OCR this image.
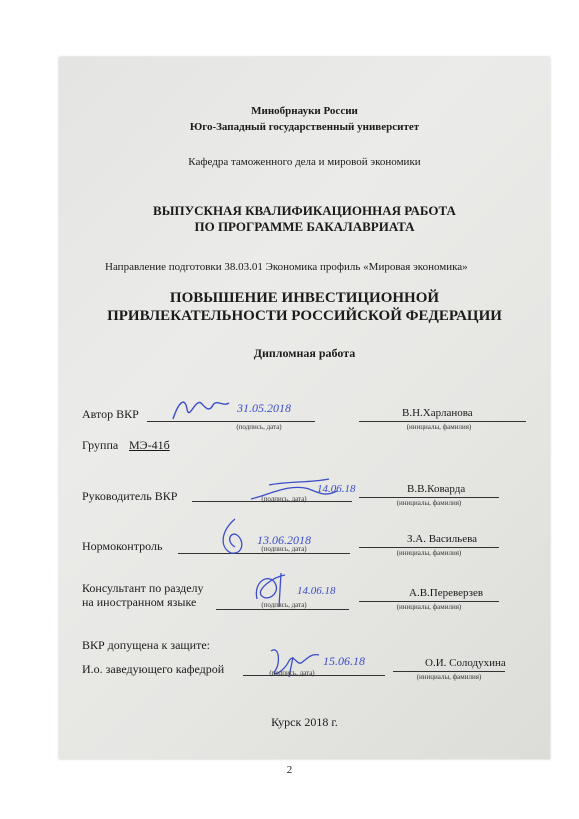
Минобрнауки России
Юго-Западный государственный университет
Кафедра таможенного дела и мировой экономики
ВЫПУСКНАЯ КВАЛИФИКАЦИОННАЯ РАБОТА
ПО ПРОГРАММЕ БАКАЛАВРИАТА
Направление подготовки 38.03.01 Экономика профиль «Мировая экономика»
ПОВЫШЕНИЕ ИНВЕСТИЦИОННОЙ
ПРИВЛЕКАТЕЛЬНОСТИ РОССИЙСКОЙ ФЕДЕРАЦИИ
Дипломная работа
Автор ВКР	31.05.2018
(подпись, дата)
В.Н.Харланова
(инициалы, фамилия)
Группа МЭ-41б
Руководитель ВКР	14.06.18
(подпись, дата)
В.В.Коварда
(инициалы, фамилия)
Нормоконтроль	13.06.2018
(подпись, дата)
З.А. Васильева
(инициалы, фамилия)
Консультант по разделу
на иностранном языке
14.06.18
(подпись, дата)
А.В.Переверзев
(инициалы, фамилия)
ВКР допущена к защите:
И.о. заведующего кафедрой
15.06.18
(подпись, дата)
О.И. Солодухина
(инициалы, фамилия)
Курск 2018 г.
2
